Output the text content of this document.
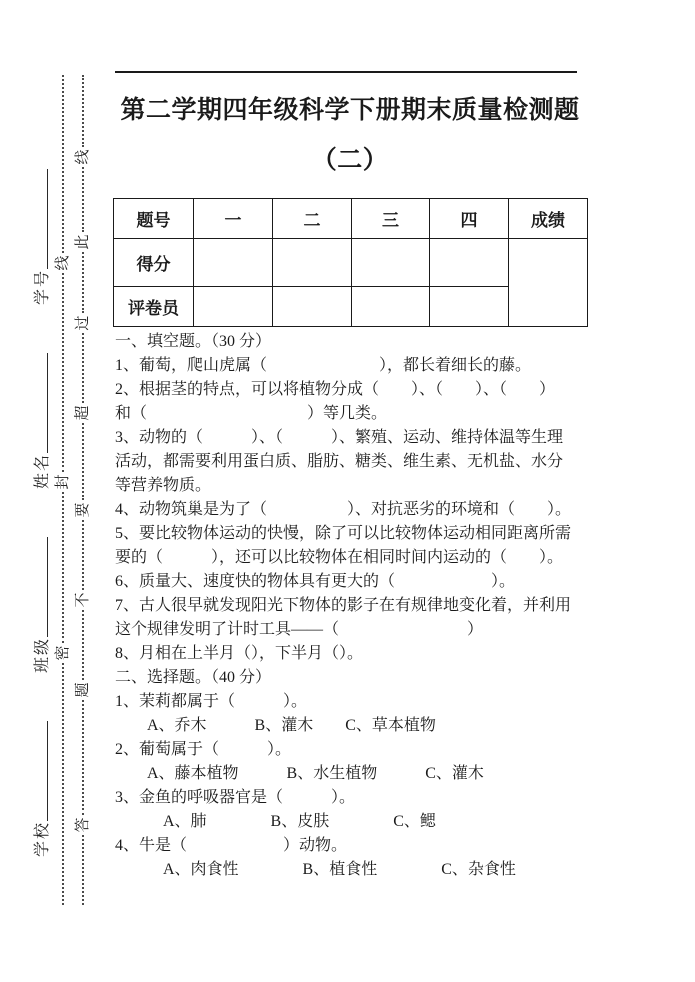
学校
班级
姓名
学号
密
封
线
答
题
不
要
超
过
此
线
第二学期四年级科学下册期末质量检测题
（二）
题号	一	二	三	四	成绩
得分					
评卷员					
一、填空题。（30 分）
1、葡萄，爬山虎属（　　　　　　　），都长着细长的藤。
2、根据茎的特点，可以将植物分成（　　）、（　　）、（　　）
和（　　　　　　　　　　）等几类。
3、动物的（　　　）、（　　　）、繁殖、运动、维持体温等生理
活动，都需要利用蛋白质、脂肪、糖类、维生素、无机盐、水分
等营养物质。
4、动物筑巢是为了（　　　　　）、对抗恶劣的环境和（　　）。
5、要比较物体运动的快慢，除了可以比较物体运动相同距离所需
要的（　　　），还可以比较物体在相同时间内运动的（　　）。
6、质量大、速度快的物体具有更大的（　　　　　　）。
7、古人很早就发现阳光下物体的影子在有规律地变化着，并利用
这个规律发明了计时工具——（　　　　　　　　）
8、月相在上半月（），下半月（）。
二、选择题。（40 分）
1、茉莉都属于（　　　）。
　　A、乔木　　　B、灌木　　C、草本植物
2、葡萄属于（　　　）。
　　A、藤本植物　　　B、水生植物　　　C、灌木
3、金鱼的呼吸器官是（　　　）。
　　　A、肺　　　　B、皮肤　　　　C、鳃
4、牛是（　　　　　　）动物。
　　　A、肉食性　　　　B、植食性　　　　C、杂食性
